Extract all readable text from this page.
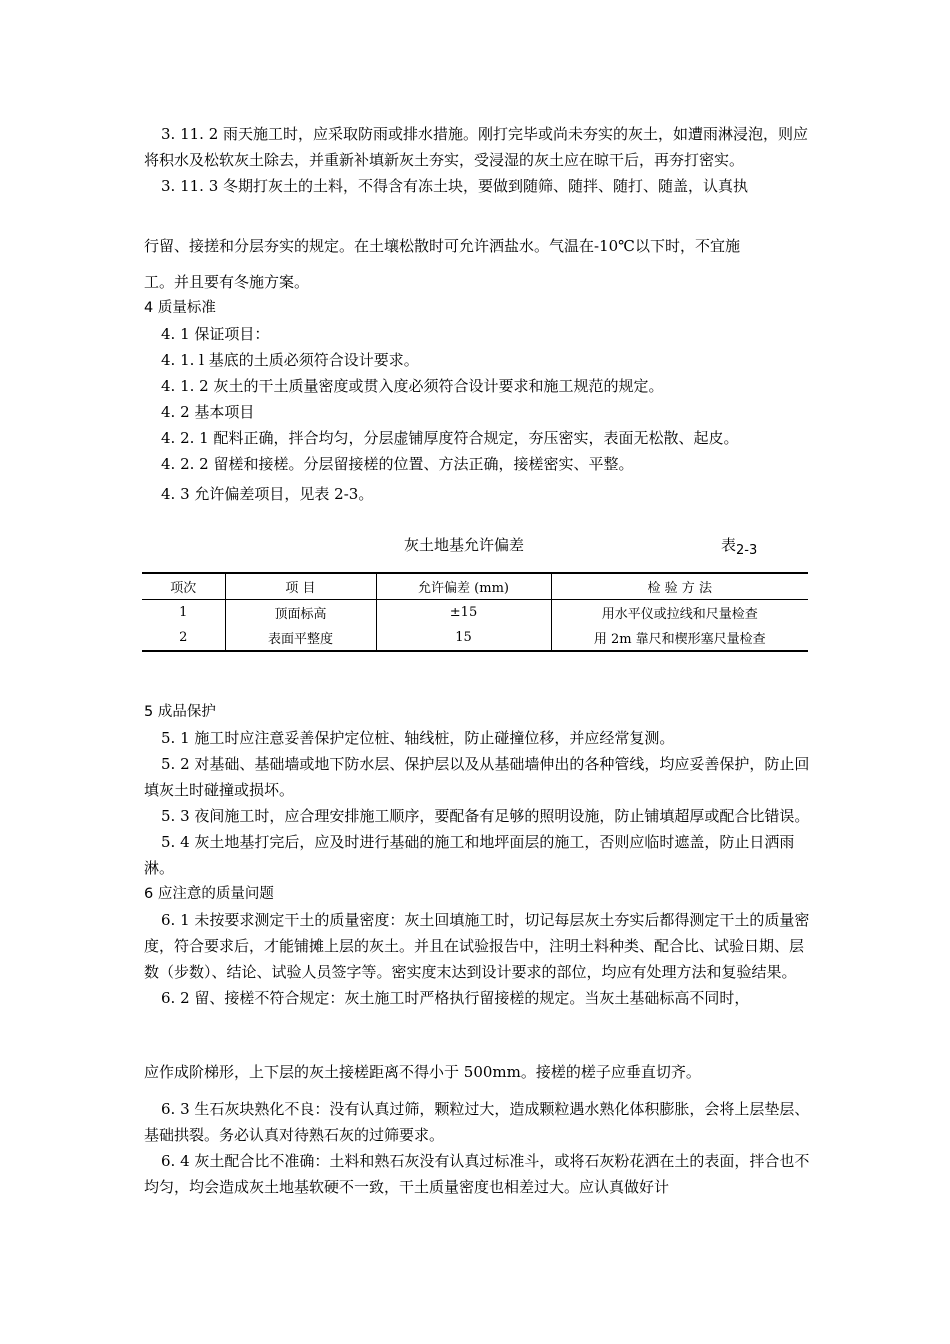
3. 11. 2 雨天施工时，应采取防雨或排水措施。刚打完毕或尚未夯实的灰土，如遭雨淋浸泡，则应将积水及松软灰土除去，并重新补填新灰土夯实，受浸湿的灰土应在晾干后，再夯打密实。

3. 11. 3 冬期打灰土的土料，不得含有冻土块，要做到随筛、随拌、随打、随盖，认真执

行留、接搓和分层夯实的规定。在土壤松散时可允许洒盐水。气温在-10℃以下时，不宜施

工。并且要有冬施方案。

4 质量标准

4. 1 保证项目：

4. 1. l 基底的土质必须符合设计要求。

4. 1. 2 灰土的干土质量密度或贯入度必须符合设计要求和施工规范的规定。

4. 2 基本项目

4. 2. 1 配料正确，拌合均匀，分层虚铺厚度符合规定，夯压密实，表面无松散、起皮。

4. 2. 2 留槎和接槎。分层留接槎的位置、方法正确，接槎密实、平整。

4. 3 允许偏差项目，见表 2-3。

灰土地基允许偏差	表$_{2-3}$
项次	项 目	允许偏差 (mm)	检 验 方 法
1	顶面标高	±15	用水平仪或拉线和尺量检查
2	表面平整度	15	用 2m 靠尺和楔形塞尺量检查

5 成品保护

5. 1 施工时应注意妥善保护定位桩、轴线桩，防止碰撞位移，并应经常复测。

5. 2 对基础、基础墙或地下防水层、保护层以及从基础墙伸出的各种管线，均应妥善保护，防止回填灰土时碰撞或损坏。

5. 3 夜间施工时，应合理安排施工顺序，要配备有足够的照明设施，防止铺填超厚或配合比错误。

5. 4 灰土地基打完后，应及时进行基础的施工和地坪面层的施工，否则应临时遮盖，防止日洒雨淋。

6 应注意的质量问题

6. 1 未按要求测定干土的质量密度：灰土回填施工时，切记每层灰土夯实后都得测定干土的质量密度，符合要求后，才能铺摊上层的灰土。并且在试验报告中，注明土料种类、配合比、试验日期、层数（步数）、结论、试验人员签字等。密实度末达到设计要求的部位，均应有处理方法和复验结果。

6. 2 留、接槎不符合规定：灰土施工时严格执行留接槎的规定。当灰土基础标高不同时，

应作成阶梯形，上下层的灰土接槎距离不得小于 500mm。接槎的槎子应垂直切齐。

6. 3 生石灰块熟化不良：没有认真过筛，颗粒过大，造成颗粒遇水熟化体积膨胀，会将上层垫层、基础拱裂。务必认真对待熟石灰的过筛要求。

6. 4 灰土配合比不准确：土料和熟石灰没有认真过标准斗，或将石灰粉花洒在土的表面，拌合也不均匀，均会造成灰土地基软硬不一致，干土质量密度也相差过大。应认真做好计
